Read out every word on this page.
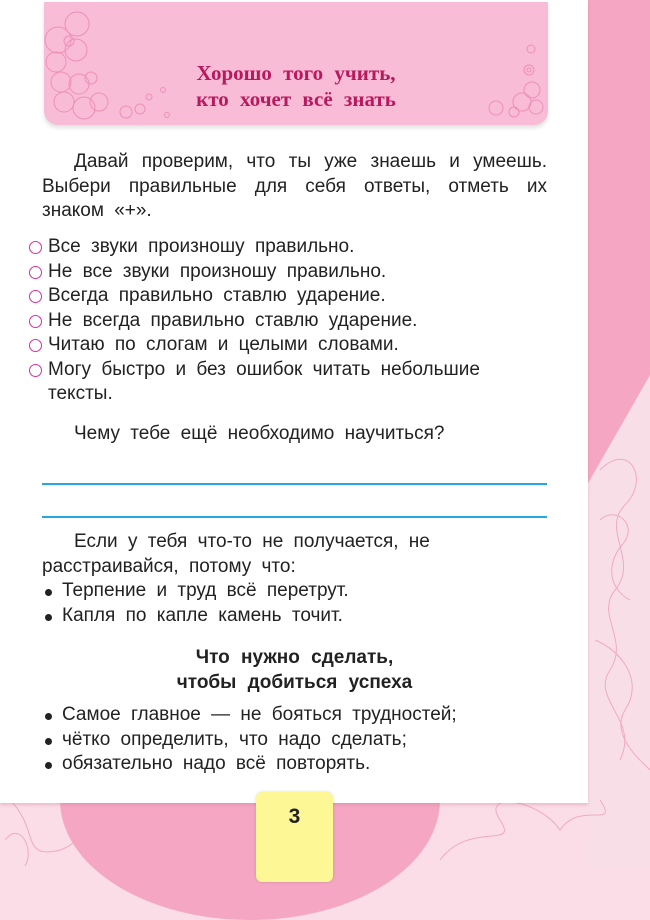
Хорошо того учить,
кто хочет всё знать
Давай проверим, что ты уже знаешь и умеешь. Выбери правильные для себя ответы, отметь их знаком «+».
Все звуки произношу правильно.
Не все звуки произношу правильно.
Всегда правильно ставлю ударение.
Не всегда правильно ставлю ударение.
Читаю по слогам и целыми словами.
Могу быстро и без ошибок читать небольшие тексты.
Чему тебе ещё необходимо научиться?
Если у тебя что-то не получается, не расстраивайся, потому что:
Терпение и труд всё перетрут.
Капля по капле камень точит.
Что нужно сделать,
чтобы добиться успеха
Самое главное — не бояться трудностей;
чётко определить, что надо сделать;
обязательно надо всё повторять.
3
